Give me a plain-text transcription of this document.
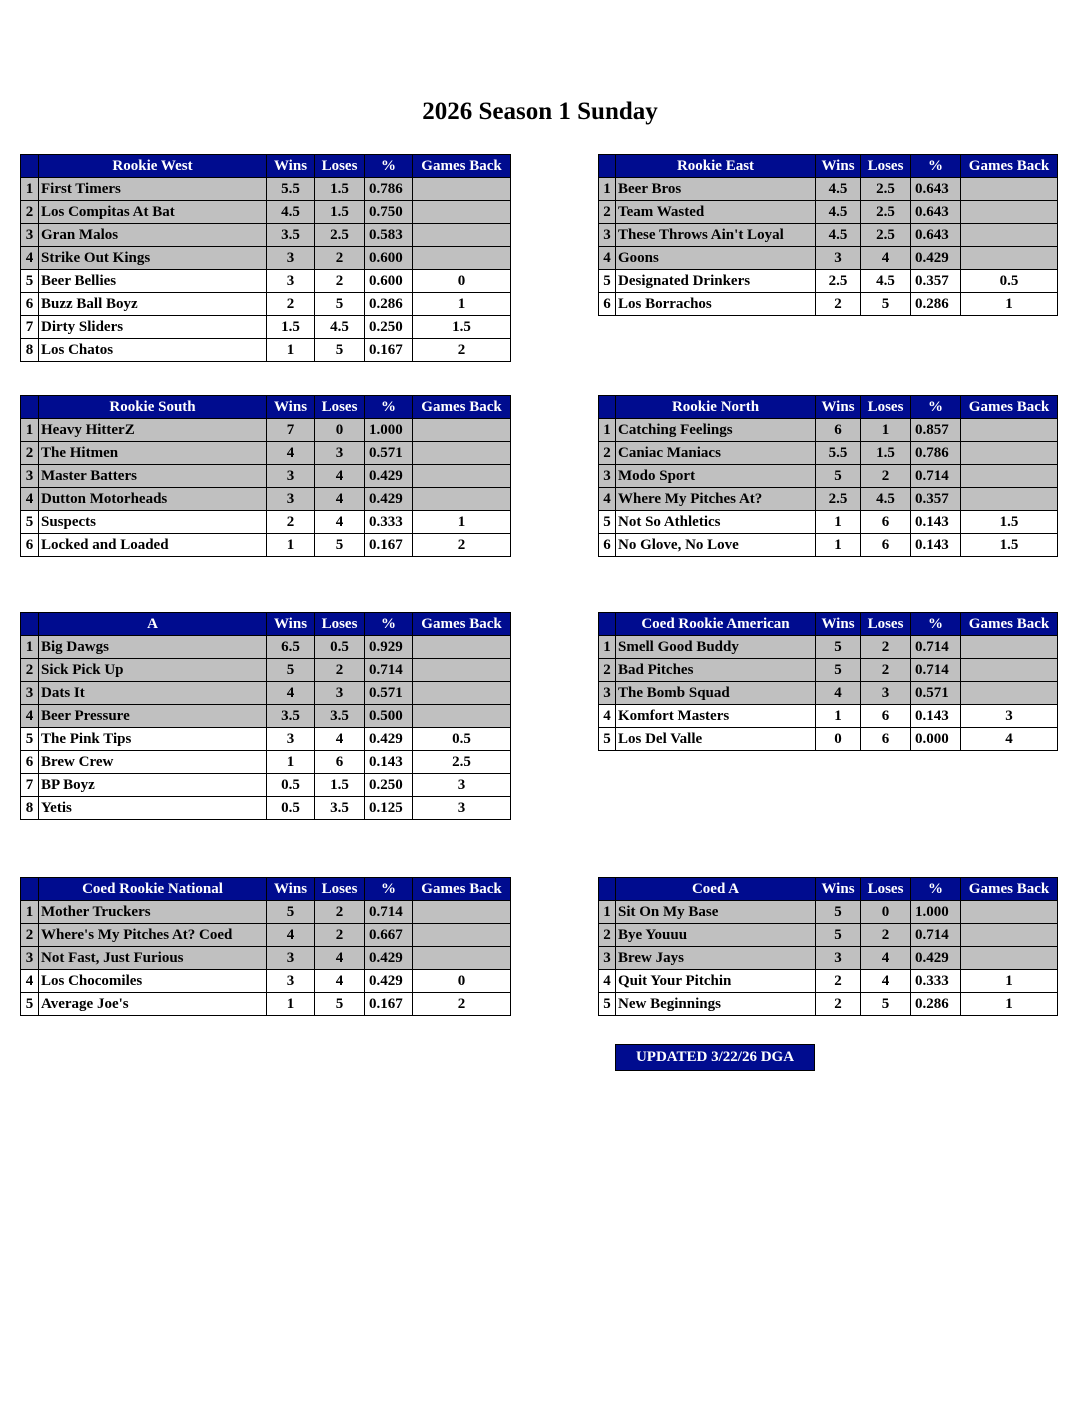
2026 Season 1 Sunday
	Rookie West	Wins	Loses	%	Games Back
1	First Timers	5.5	1.5	0.786	
2	Los Compitas At Bat	4.5	1.5	0.750	
3	Gran Malos	3.5	2.5	0.583	
4	Strike Out Kings	3	2	0.600	
5	Beer Bellies	3	2	0.600	0
6	Buzz Ball Boyz	2	5	0.286	1
7	Dirty Sliders	1.5	4.5	0.250	1.5
8	Los Chatos	1	5	0.167	2
	Rookie East	Wins	Loses	%	Games Back
1	Beer Bros	4.5	2.5	0.643	
2	Team Wasted	4.5	2.5	0.643	
3	These Throws Ain't Loyal	4.5	2.5	0.643	
4	Goons	3	4	0.429	
5	Designated Drinkers	2.5	4.5	0.357	0.5
6	Los Borrachos	2	5	0.286	1
	Rookie South	Wins	Loses	%	Games Back
1	Heavy HitterZ	7	0	1.000	
2	The Hitmen	4	3	0.571	
3	Master Batters	3	4	0.429	
4	Dutton Motorheads	3	4	0.429	
5	Suspects	2	4	0.333	1
6	Locked and Loaded	1	5	0.167	2
	Rookie North	Wins	Loses	%	Games Back
1	Catching Feelings	6	1	0.857	
2	Caniac Maniacs	5.5	1.5	0.786	
3	Modo Sport	5	2	0.714	
4	Where My Pitches At?	2.5	4.5	0.357	
5	Not So Athletics	1	6	0.143	1.5
6	No Glove, No Love	1	6	0.143	1.5
	A	Wins	Loses	%	Games Back
1	Big Dawgs	6.5	0.5	0.929	
2	Sick Pick Up	5	2	0.714	
3	Dats It	4	3	0.571	
4	Beer Pressure	3.5	3.5	0.500	
5	The Pink Tips	3	4	0.429	0.5
6	Brew Crew	1	6	0.143	2.5
7	BP Boyz	0.5	1.5	0.250	3
8	Yetis	0.5	3.5	0.125	3
	Coed Rookie American	Wins	Loses	%	Games Back
1	Smell Good Buddy	5	2	0.714	
2	Bad Pitches	5	2	0.714	
3	The Bomb Squad	4	3	0.571	
4	Komfort Masters	1	6	0.143	3
5	Los Del Valle	0	6	0.000	4
	Coed Rookie National	Wins	Loses	%	Games Back
1	Mother Truckers	5	2	0.714	
2	Where's My Pitches At? Coed	4	2	0.667	
3	Not Fast, Just Furious	3	4	0.429	
4	Los Chocomiles	3	4	0.429	0
5	Average Joe's	1	5	0.167	2
	Coed A	Wins	Loses	%	Games Back
1	Sit On My Base	5	0	1.000	
2	Bye Youuu	5	2	0.714	
3	Brew Jays	3	4	0.429	
4	Quit Your Pitchin	2	4	0.333	1
5	New Beginnings	2	5	0.286	1
UPDATED 3/22/26 DGA
